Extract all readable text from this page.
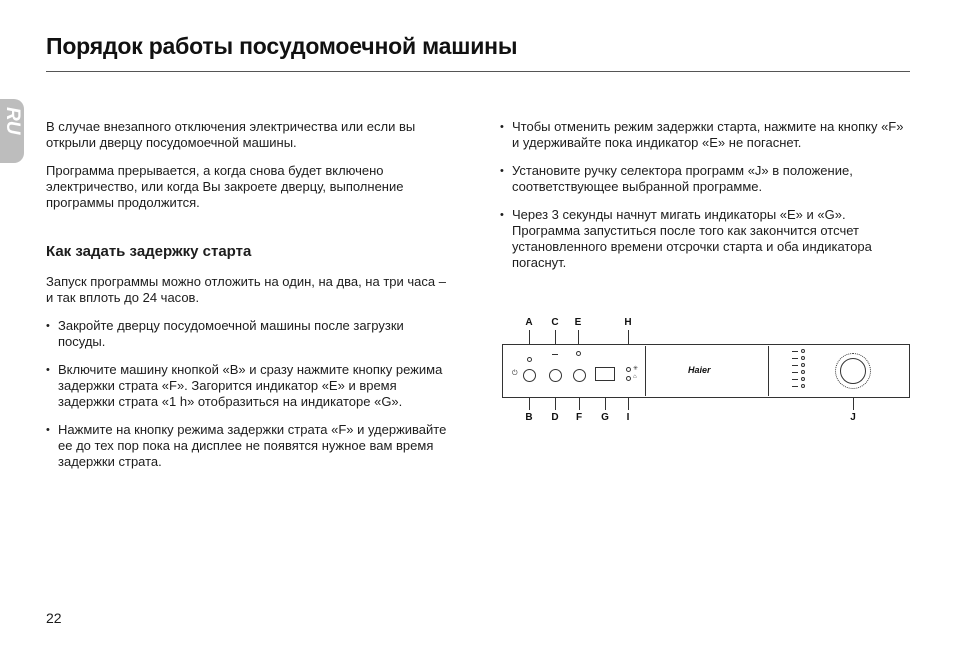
Порядок работы посудомоечной машины
RU В случае внезапного отключения электричества или если вы открыли дверцу посудомоечной машины.

Программа прерывается, а когда снова будет включено электричество, или когда Вы закроете дверцу, выполнение программы продолжится.

Как задать задержку старта

Запуск программы можно отложить на один, на два, на три часа – и так вплоть до 24 часов.

• Закройте дверцу посудомоечной машины после загрузки посуды.
• Включите машину кнопкой «B» и сразу нажмите кнопку режима задержки страта «F». Загорится индикатор «E» и время задержки страта «1 h» отобразиться на индикаторе «G».
• Нажмите на кнопку режима задержки страта «F» и удерживайте ее до тех пор пока на дисплее не появятся нужное вам время задержки страта.
• Чтобы отменить режим задержки старта, нажмите на кнопку «F» и удерживайте пока индикатор «E» не погаснет.
• Установите ручку селектора программ «J» в положение, соответствующее выбранной программе.
• Через 3 секунды начнут мигать индикаторы «E» и «G». Программа запуститься после того как закончится отсчет установленного времени отсрочки старта и оба индикатора погаснут.
A	C	E	H
B	D	F	G	I	J
⏻
✳
⌂
Haier
22
